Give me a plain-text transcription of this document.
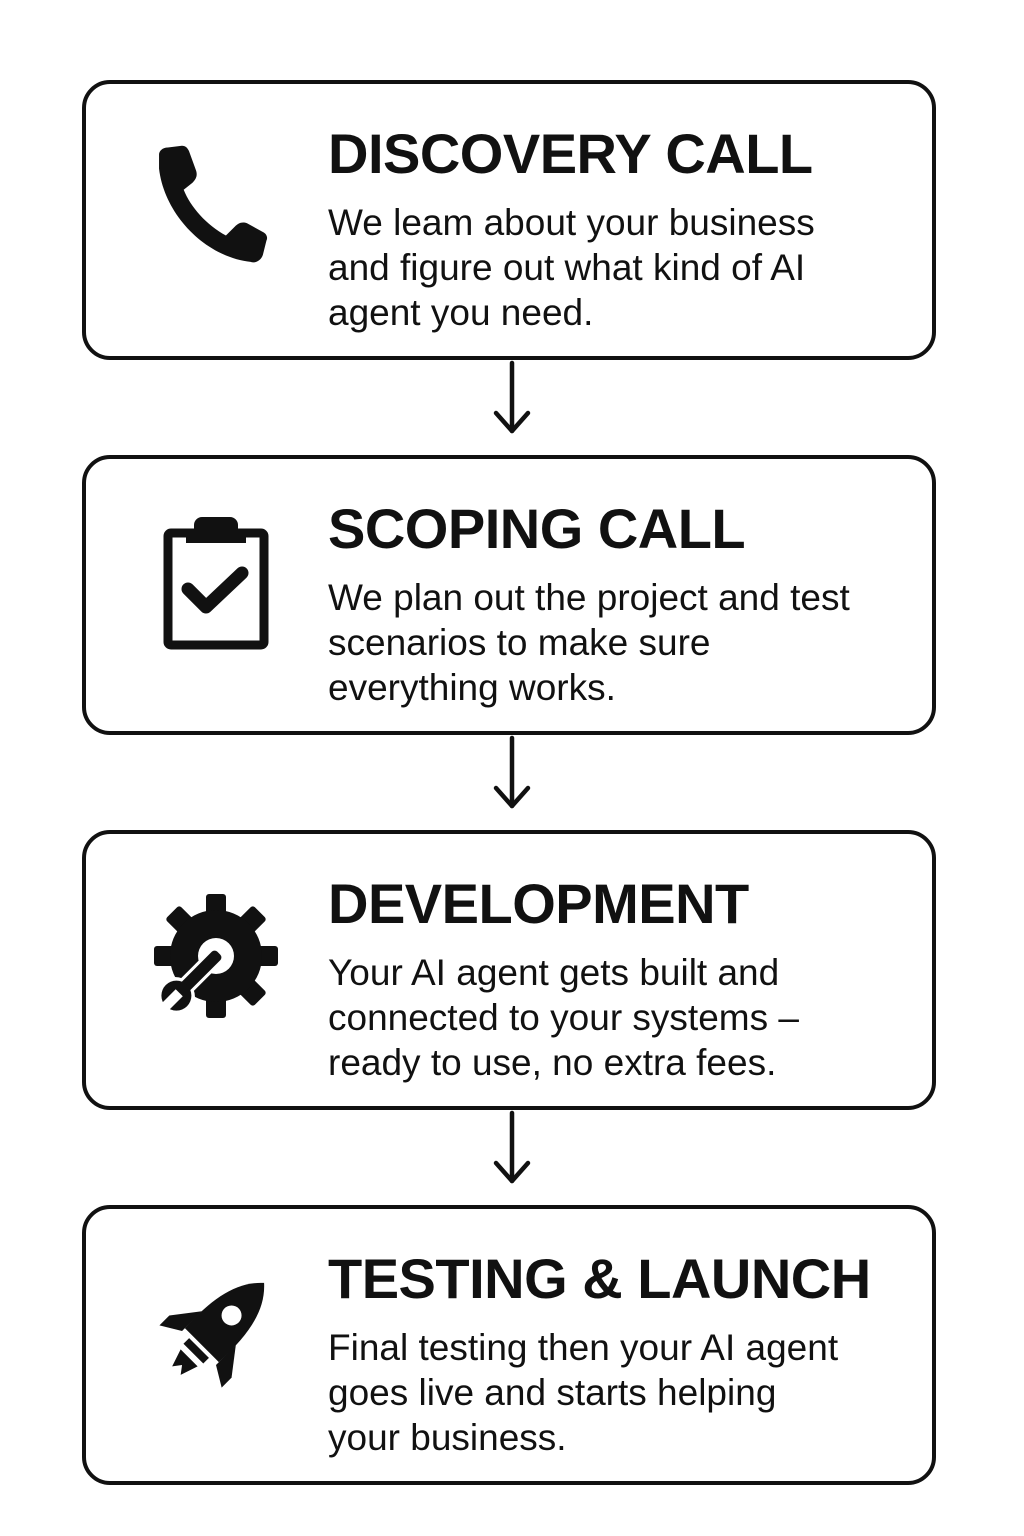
DISCOVERY CALL

We leam about your business
and figure out what kind of AI
agent you need.

SCOPING CALL

We plan out the project and test
scenarios to make sure
everything works.

DEVELOPMENT

Your AI agent gets built and
connected to your systems –
ready to use, no extra fees.

TESTING & LAUNCH

Final testing then your AI agent
goes live and starts helping
your business.
